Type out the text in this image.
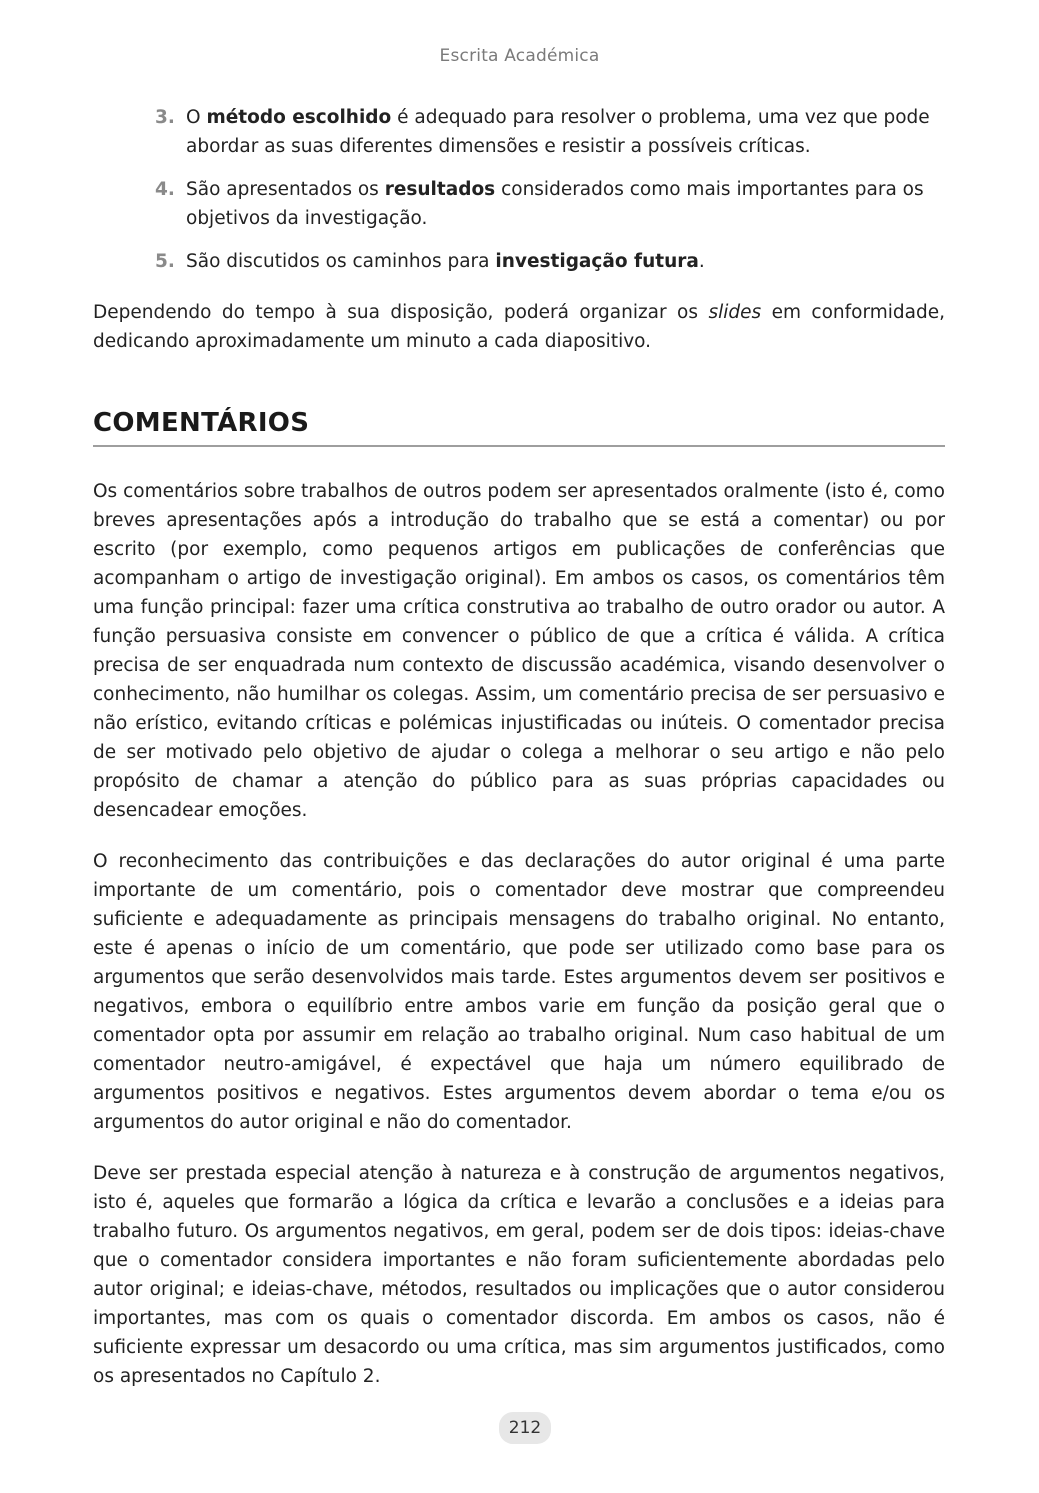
Escrita Académica
3. O método escolhido é adequado para resolver o problema, uma vez que pode abordar as suas diferentes dimensões e resistir a possíveis críticas.
4. São apresentados os resultados considerados como mais importantes para os objetivos da investigação.
5. São discutidos os caminhos para investigação futura.

Dependendo do tempo à sua disposição, poderá organizar os slides em conformidade, dedicando aproximadamente um minuto a cada diapositivo.

COMENTÁRIOS

Os comentários sobre trabalhos de outros podem ser apresentados oralmente (isto é, como breves apresentações após a introdução do trabalho que se está a comentar) ou por escrito (por exemplo, como pequenos artigos em publicações de conferências que acompanham o artigo de investigação original). Em ambos os casos, os comentários têm uma função principal: fazer uma crítica construtiva ao trabalho de outro orador ou autor. A função persuasiva consiste em convencer o público de que a crítica é válida. A crítica precisa de ser enquadrada num contexto de discussão académica, visando desenvolver o conhecimento, não humilhar os colegas. Assim, um comentário precisa de ser persuasivo e não erístico, evitando críticas e polémicas injustificadas ou inúteis. O comentador precisa de ser motivado pelo objetivo de ajudar o colega a melhorar o seu artigo e não pelo propósito de chamar a atenção do público para as suas próprias capacidades ou desencadear emoções.

O reconhecimento das contribuições e das declarações do autor original é uma parte importante de um comentário, pois o comentador deve mostrar que compreendeu suficiente e adequadamente as principais mensagens do trabalho original. No entanto, este é apenas o início de um comentário, que pode ser utilizado como base para os argumentos que serão desenvolvidos mais tarde. Estes argumentos devem ser positivos e negativos, embora o equilíbrio entre ambos varie em função da posição geral que o comentador opta por assumir em relação ao trabalho original. Num caso habitual de um comentador neutro-amigável, é expectável que haja um número equilibrado de argumentos positivos e negativos. Estes argumentos devem abordar o tema e/ou os argumentos do autor original e não do comentador.

Deve ser prestada especial atenção à natureza e à construção de argumentos negativos, isto é, aqueles que formarão a lógica da crítica e levarão a conclusões e a ideias para trabalho futuro. Os argumentos negativos, em geral, podem ser de dois tipos: ideias-chave que o comentador considera importantes e não foram suficientemente abordadas pelo autor original; e ideias-chave, métodos, resultados ou implicações que o autor considerou importantes, mas com os quais o comentador discorda. Em ambos os casos, não é suficiente expressar um desacordo ou uma crítica, mas sim argumentos justificados, como os apresentados no Capítulo 2.

212
